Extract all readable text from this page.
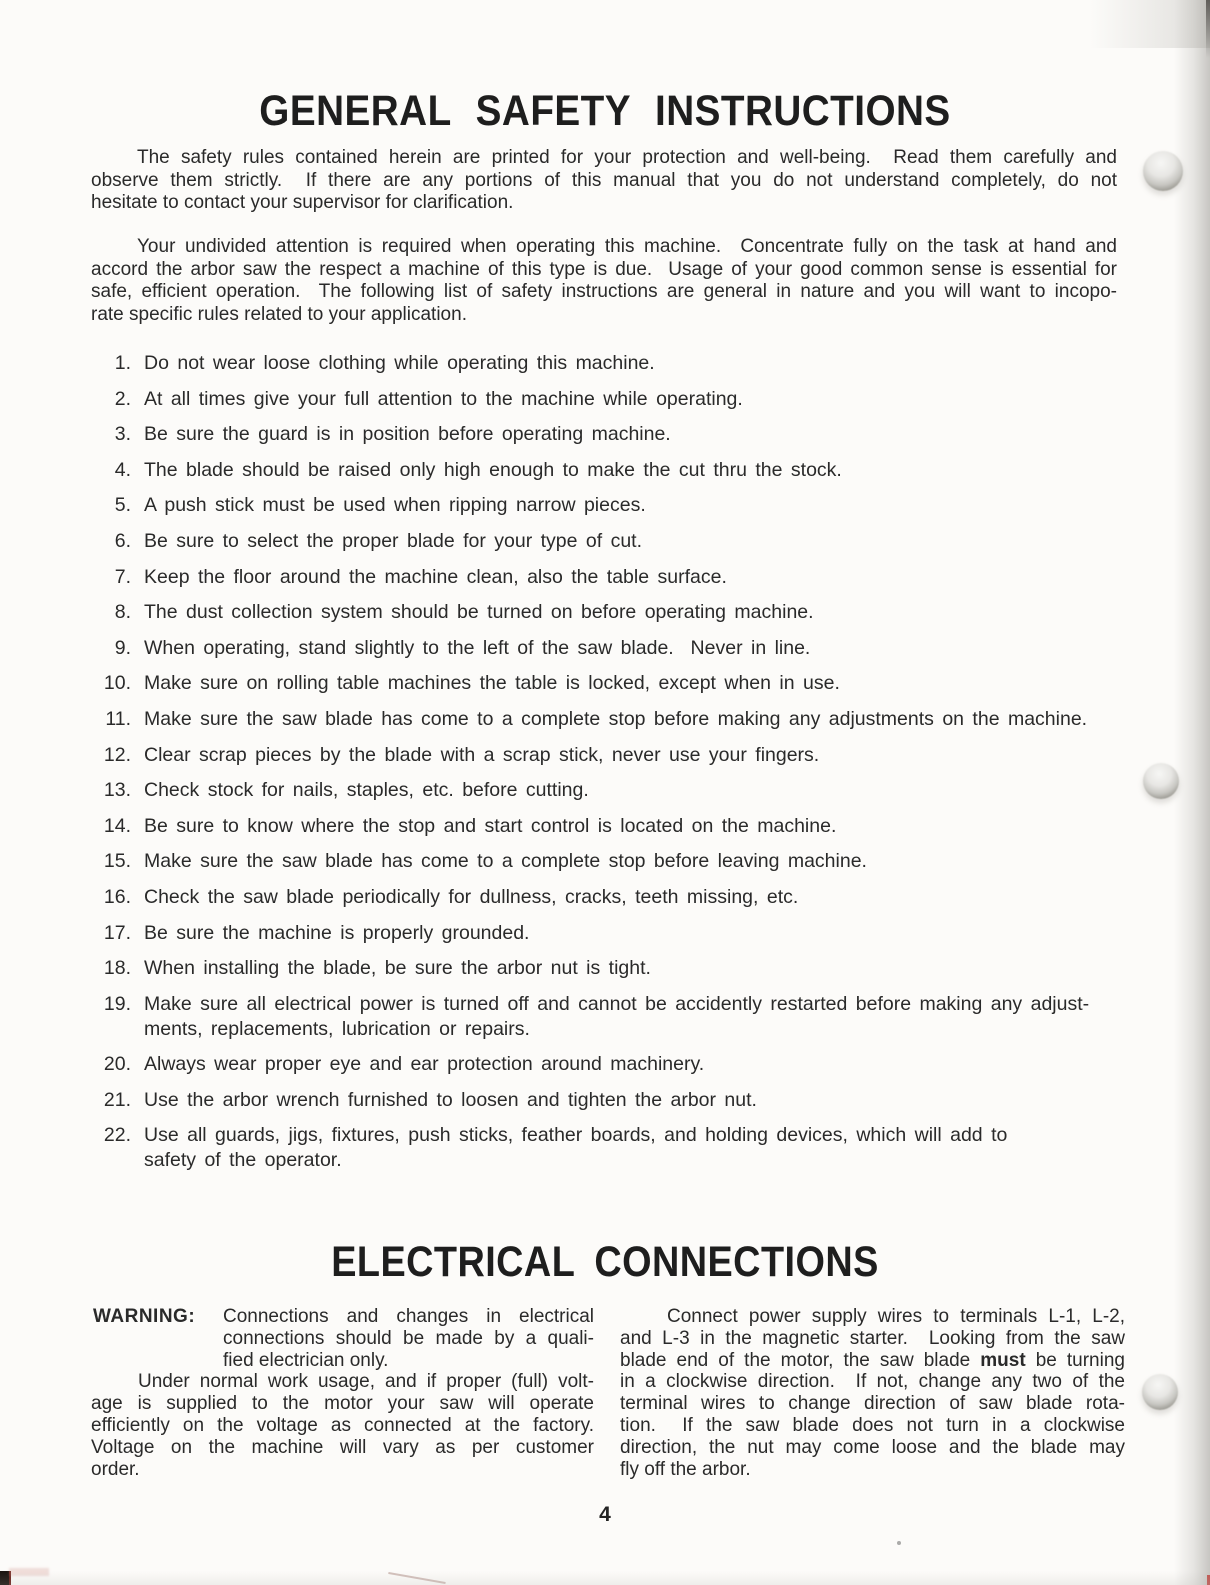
GENERAL SAFETY INSTRUCTIONS
The safety rules contained herein are printed for your protection and well-being.  Read them carefully and
observe them strictly.  If there are any portions of this manual that you do not understand completely, do not
hesitate to contact your supervisor for clarification.
Your undivided attention is required when operating this machine.  Concentrate fully on the task at hand and
accord the arbor saw the respect a machine of this type is due.  Usage of your good common sense is essential for
safe, efficient operation.  The following list of safety instructions are general in nature and you will want to incopo-
rate specific rules related to your application.
1. Do not wear loose clothing while operating this machine.
2. At all times give your full attention to the machine while operating.
3. Be sure the guard is in position before operating machine.
4. The blade should be raised only high enough to make the cut thru the stock.
5. A push stick must be used when ripping narrow pieces.
6. Be sure to select the proper blade for your type of cut.
7. Keep the floor around the machine clean, also the table surface.
8. The dust collection system should be turned on before operating machine.
9. When operating, stand slightly to the left of the saw blade.  Never in line.
10. Make sure on rolling table machines the table is locked, except when in use.
11. Make sure the saw blade has come to a complete stop before making any adjustments on the machine.
12. Clear scrap pieces by the blade with a scrap stick, never use your fingers.
13. Check stock for nails, staples, etc. before cutting.
14. Be sure to know where the stop and start control is located on the machine.
15. Make sure the saw blade has come to a complete stop before leaving machine.
16. Check the saw blade periodically for dullness, cracks, teeth missing, etc.
17. Be sure the machine is properly grounded.
18. When installing the blade, be sure the arbor nut is tight.
19. Make sure all electrical power is turned off and cannot be accidently restarted before making any adjust-
ments, replacements, lubrication or repairs.
20. Always wear proper eye and ear protection around machinery.
21. Use the arbor wrench furnished to loosen and tighten the arbor nut.
22. Use all guards, jigs, fixtures, push sticks, feather boards, and holding devices, which will add to
safety of the operator.
ELECTRICAL CONNECTIONS
WARNING: Connections and changes in electrical
connections should be made by a quali-
fied electrician only.
Under normal work usage, and if proper (full) volt-
age is supplied to the motor your saw will operate
efficiently on the voltage as connected at the factory.
Voltage on the machine will vary as per customer
order.
Connect power supply wires to terminals L-1, L-2,
and L-3 in the magnetic starter.  Looking from the saw
blade end of the motor, the saw blade must be turning
in a clockwise direction.  If not, change any two of the
terminal wires to change direction of saw blade rota-
tion.  If the saw blade does not turn in a clockwise
direction, the nut may come loose and the blade may
fly off the arbor.
4
